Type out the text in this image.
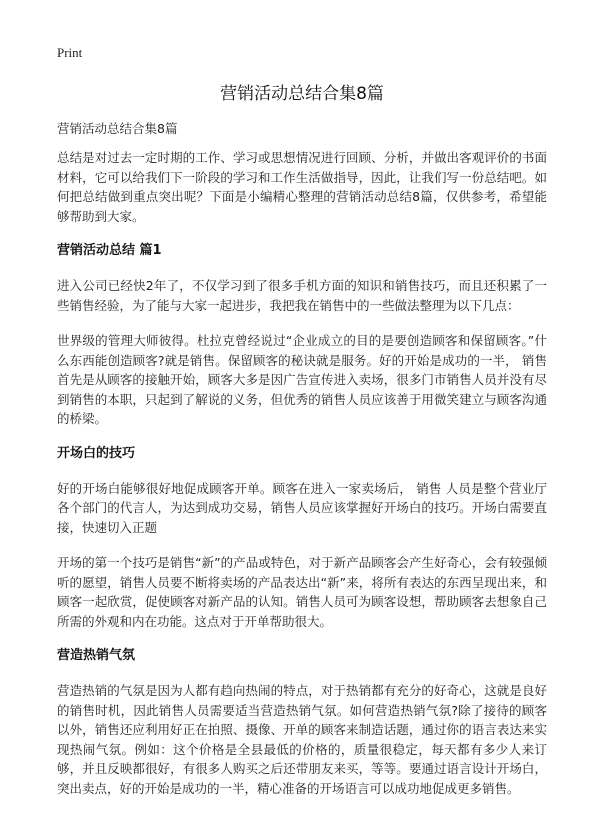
Print
营销活动总结合集8篇

营销活动总结合集8篇

总结是对过去一定时期的工作、学习或思想情况进行回顾、分析，并做出客观评价的书面材料，它可以给我们下一阶段的学习和工作生活做指导，因此，让我们写一份总结吧。如何把总结做到重点突出呢？下面是小编精心整理的营销活动总结8篇，仅供参考，希望能够帮助到大家。

营销活动总结 篇1

进入公司已经快2年了，不仅学习到了很多手机方面的知识和销售技巧，而且还积累了一些销售经验，为了能与大家一起进步，我把我在销售中的一些做法整理为以下几点：

世界级的管理大师彼得。杜拉克曾经说过“企业成立的目的是要创造顾客和保留顾客。”什么东西能创造顾客?就是销售。保留顾客的秘诀就是服务。好的开始是成功的一半， 销售 首先是从顾客的接触开始，顾客大多是因广告宣传进入卖场，很多门市销售人员并没有尽到销售的本职，只起到了解说的义务，但优秀的销售人员应该善于用微笑建立与顾客沟通的桥梁。

开场白的技巧

好的开场白能够很好地促成顾客开单。顾客在进入一家卖场后， 销售 人员是整个营业厅各个部门的代言人，为达到成功交易，销售人员应该掌握好开场白的技巧。开场白需要直接，快速切入正题

开场的第一个技巧是销售“新”的产品或特色，对于新产品顾客会产生好奇心，会有较强倾听的愿望，销售人员要不断将卖场的产品表达出“新”来，将所有表达的东西呈现出来，和顾客一起欣赏，促使顾客对新产品的认知。销售人员可为顾客设想，帮助顾客去想象自己所需的外观和内在功能。这点对于开单帮助很大。

营造热销气氛

营造热销的气氛是因为人都有趋向热闹的特点，对于热销都有充分的好奇心，这就是良好的销售时机，因此销售人员需要适当营造热销气氛。如何营造热销气氛?除了接待的顾客以外，销售还应利用好正在拍照、摄像、开单的顾客来制造话题，通过你的语言表达来实现热闹气氛。例如：这个价格是全县最低的价格的，质量很稳定，每天都有多少人来订够，并且反映都很好，有很多人购买之后还带朋友来买，等等。要通过语言设计开场白，突出卖点，好的开始是成功的一半，精心准备的开场语言可以成功地促成更多销售。
